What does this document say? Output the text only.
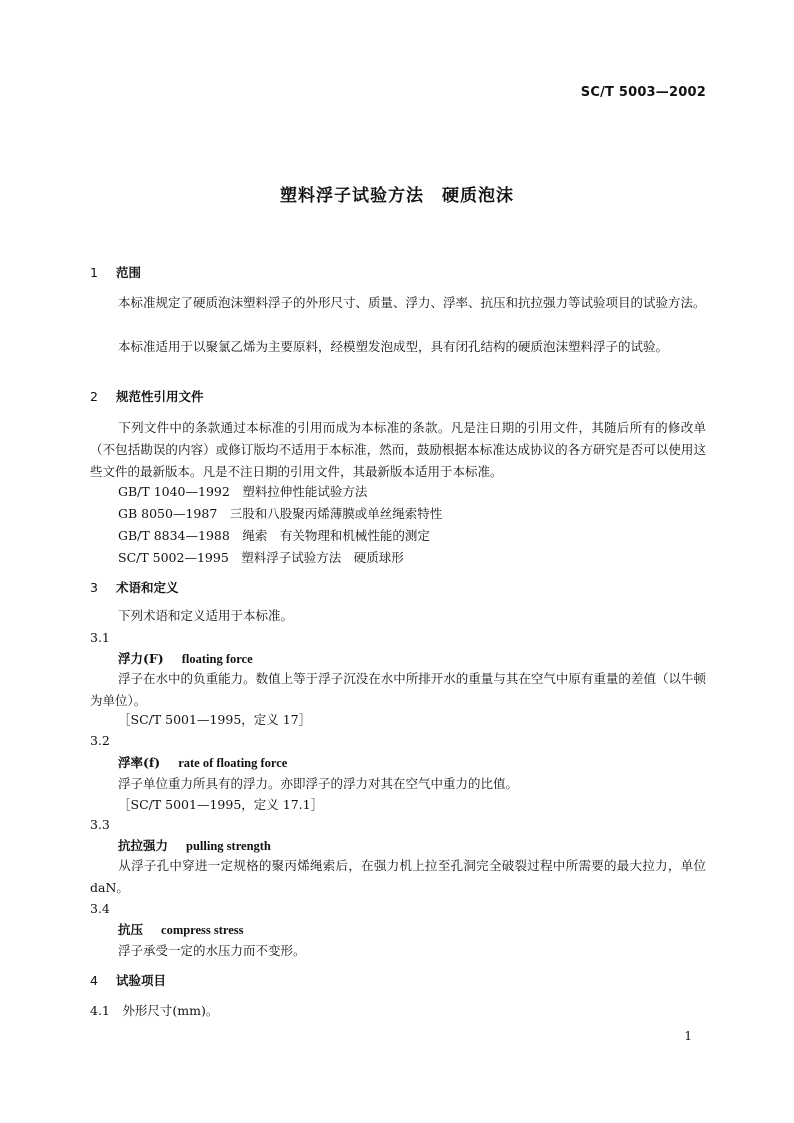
SC/T 5003—2002
塑料浮子试验方法　硬质泡沫
1 范围
本标准规定了硬质泡沫塑料浮子的外形尺寸、质量、浮力、浮率、抗压和抗拉强力等试验项目的试验方法。
本标准适用于以聚氯乙烯为主要原料，经模塑发泡成型，具有闭孔结构的硬质泡沫塑料浮子的试验。
2 规范性引用文件
下列文件中的条款通过本标准的引用而成为本标准的条款。凡是注日期的引用文件，其随后所有的修改单（不包括勘误的内容）或修订版均不适用于本标准，然而，鼓励根据本标准达成协议的各方研究是否可以使用这些文件的最新版本。凡是不注日期的引用文件，其最新版本适用于本标准。
GB/T 1040—1992　塑料拉伸性能试验方法
GB 8050—1987　三股和八股聚丙烯薄膜或单丝绳索特性
GB/T 8834—1988　绳索　有关物理和机械性能的测定
SC/T 5002—1995　塑料浮子试验方法　硬质球形
3 术语和定义
下列术语和定义适用于本标准。
3.1
浮力(F) floating force
浮子在水中的负重能力。数值上等于浮子沉没在水中所排开水的重量与其在空气中原有重量的差值（以牛顿为单位）。
［SC/T 5001—1995，定义 17］
3.2
浮率(f) rate of floating force
浮子单位重力所具有的浮力。亦即浮子的浮力对其在空气中重力的比值。
［SC/T 5001—1995，定义 17.1］
3.3
抗拉强力 pulling strength
从浮子孔中穿进一定规格的聚丙烯绳索后，在强力机上拉至孔洞完全破裂过程中所需要的最大拉力，单位 daN。
3.4
抗压 compress stress
浮子承受一定的水压力而不变形。
4 试验项目
4.1　外形尺寸(mm)。
1
